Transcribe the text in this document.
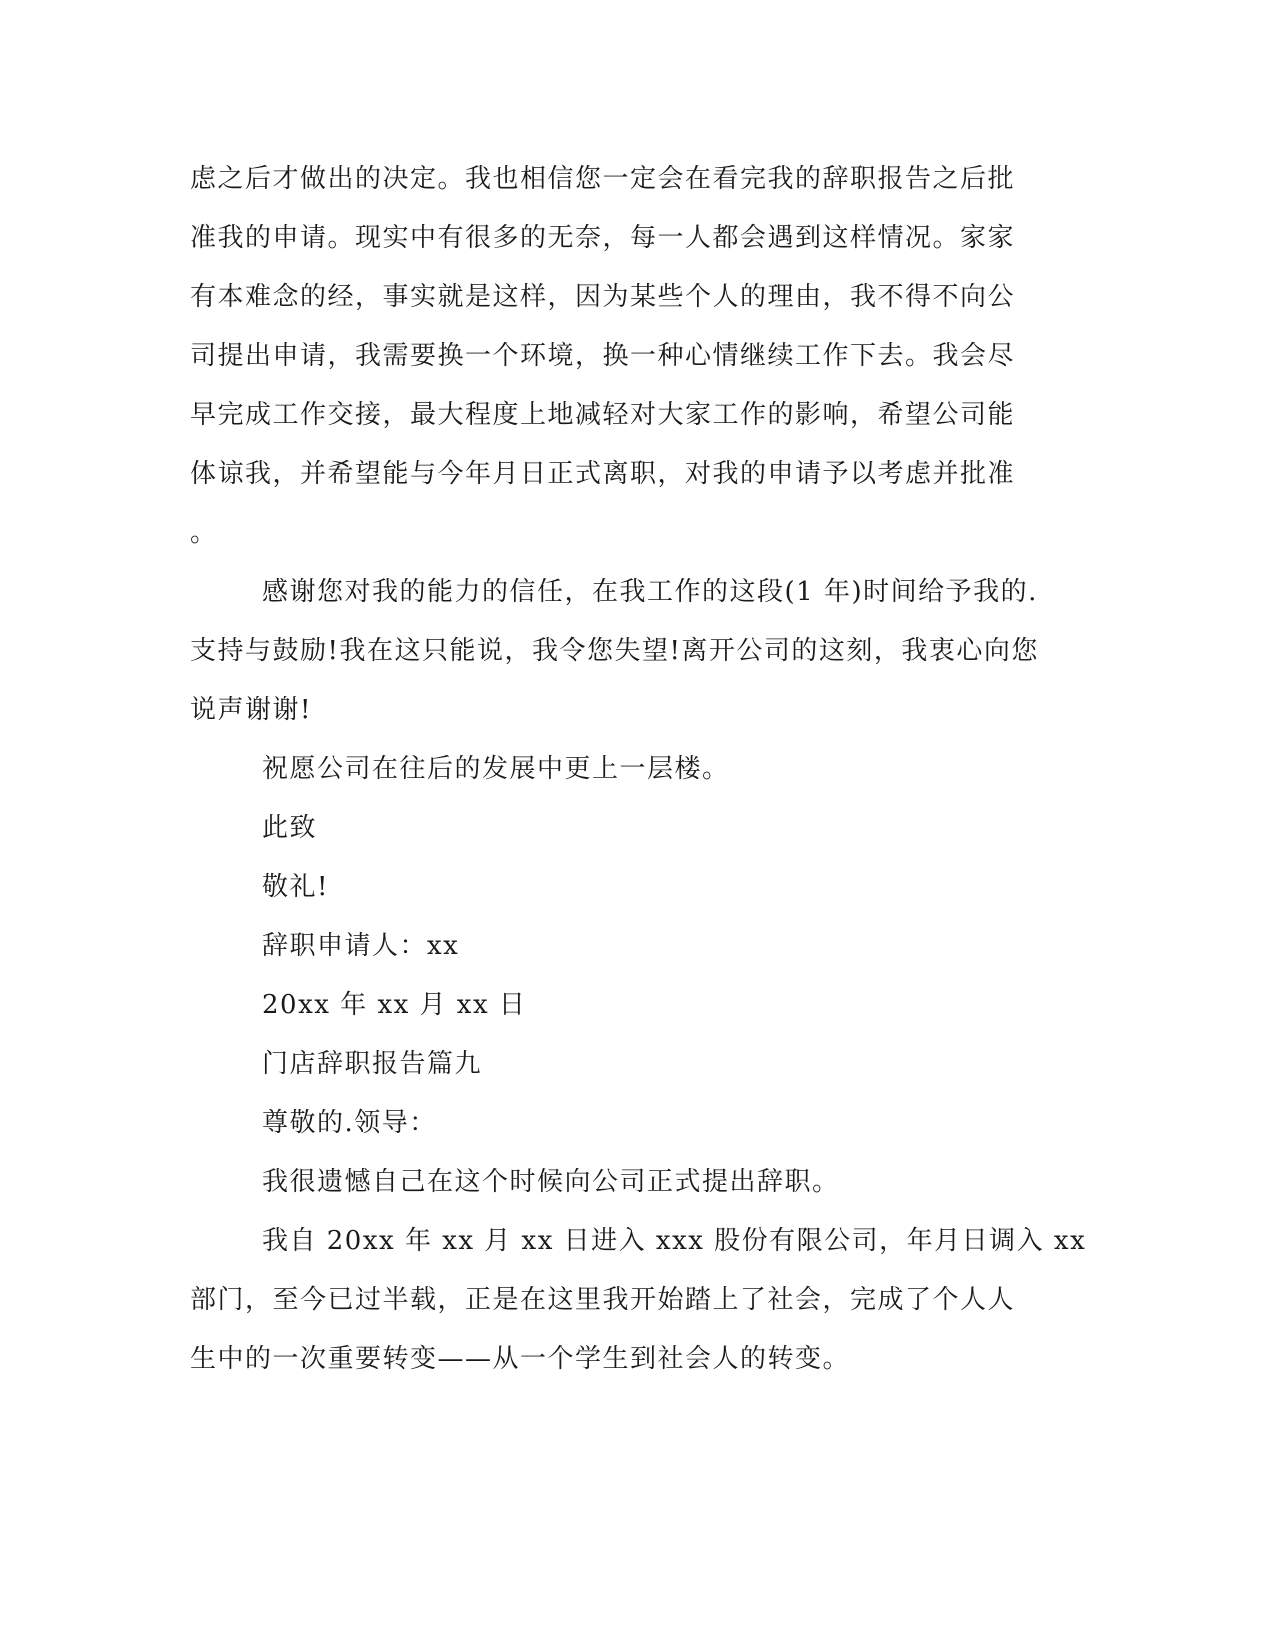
虑之后才做出的决定。我也相信您一定会在看完我的辞职报告之后批
准我的申请。现实中有很多的无奈，每一人都会遇到这样情况。家家
有本难念的经，事实就是这样，因为某些个人的理由，我不得不向公
司提出申请，我需要换一个环境，换一种心情继续工作下去。我会尽
早完成工作交接，最大程度上地减轻对大家工作的影响，希望公司能
体谅我，并希望能与今年月日正式离职，对我的申请予以考虑并批准
。
感谢您对我的能力的信任，在我工作的这段(1 年)时间给予我的.
支持与鼓励!我在这只能说，我令您失望!离开公司的这刻，我衷心向您
说声谢谢!
祝愿公司在往后的发展中更上一层楼。
此致
敬礼!
辞职申请人：xx
20xx 年 xx 月 xx 日
门店辞职报告篇九
尊敬的.领导：
我很遗憾自己在这个时候向公司正式提出辞职。
我自 20xx 年 xx 月 xx 日进入 xxx 股份有限公司，年月日调入 xx
部门，至今已过半载，正是在这里我开始踏上了社会，完成了个人人
生中的一次重要转变——从一个学生到社会人的转变。
